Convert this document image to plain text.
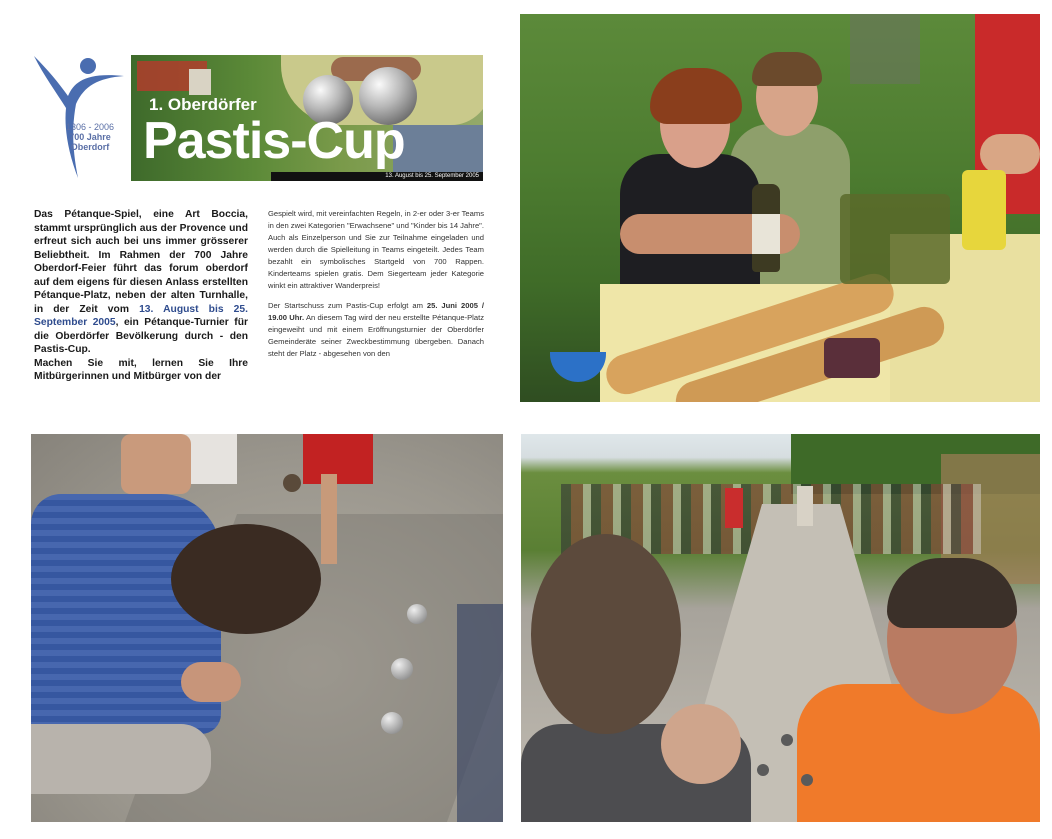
1306 - 2006
700 Jahre
Oberdorf
1. Oberdörfer
Pastis-Cup
13. August bis 25. September 2005
Das Pétanque-Spiel, eine Art Boccia, stammt ursprünglich aus der Provence und erfreut sich auch bei uns immer grösserer Beliebtheit. Im Rahmen der 700 Jahre Oberdorf-Feier führt das forum oberdorf auf dem eigens für diesen Anlass erstellten Pétanque-Platz, neben der alten Turnhalle, in der Zeit vom 13. August bis 25. September 2005, ein Pétanque-Turnier für die Oberdörfer Bevölkerung durch - den Pastis-Cup.
Machen Sie mit, lernen Sie Ihre Mitbürgerinnen und Mitbürger von der

Gespielt wird, mit vereinfachten Regeln, in 2-er oder 3-er Teams in den zwei Kategorien "Erwachsene" und "Kinder bis 14 Jahre". Auch als Einzelperson und Sie zur Teilnahme eingeladen und werden durch die Spielleitung in Teams eingeteilt. Jedes Team bezahlt ein symbolisches Startgeld von 700 Rappen. Kinderteams spielen gratis. Dem Siegerteam jeder Kategorie winkt ein attraktiver Wanderpreis!

Der Startschuss zum Pastis-Cup erfolgt am 25. Juni 2005 / 19.00 Uhr. An diesem Tag wird der neu erstellte Pétanque-Platz eingeweiht und mit einem Eröffnungsturnier der Oberdörfer Gemeinderäte seiner Zweckbestimmung übergeben. Danach steht der Platz - abgesehen von den
